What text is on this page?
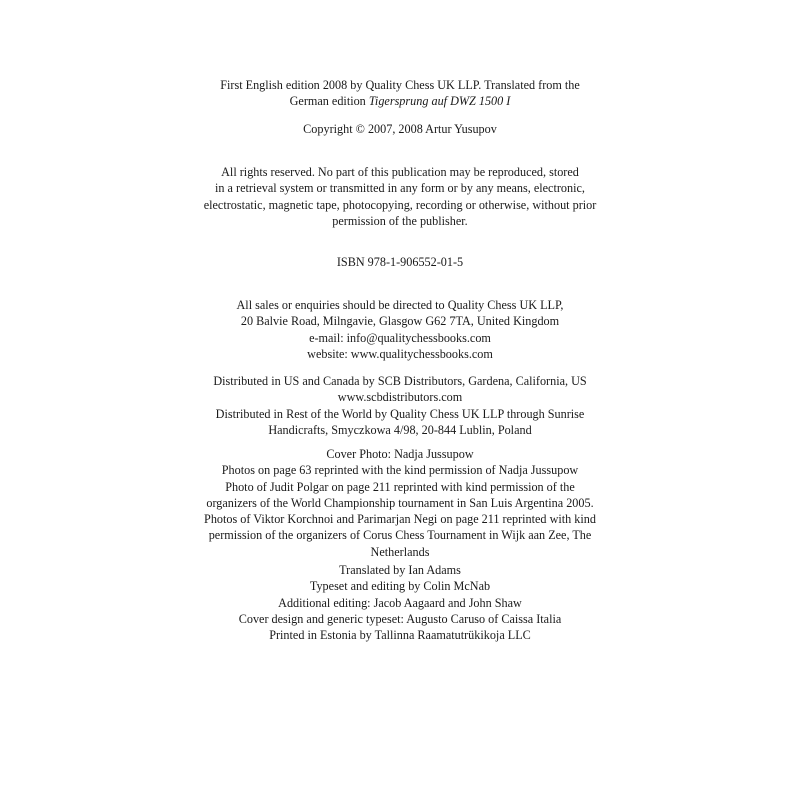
First English edition 2008 by Quality Chess UK LLP. Translated from the
German edition Tigersprung auf DWZ 1500 I
Copyright © 2007, 2008 Artur Yusupov
All rights reserved. No part of this publication may be reproduced, stored
in a retrieval system or transmitted in any form or by any means, electronic,
electrostatic, magnetic tape, photocopying, recording or otherwise, without prior
permission of the publisher.
ISBN 978-1-906552-01-5
All sales or enquiries should be directed to Quality Chess UK LLP,
20 Balvie Road, Milngavie, Glasgow G62 7TA, United Kingdom
e-mail: info@qualitychessbooks.com
website: www.qualitychessbooks.com
Distributed in US and Canada by SCB Distributors, Gardena, California, US
www.scbdistributors.com
Distributed in Rest of the World by Quality Chess UK LLP through Sunrise
Handicrafts, Smyczkowa 4/98, 20-844 Lublin, Poland
Cover Photo: Nadja Jussupow
Photos on page 63 reprinted with the kind permission of Nadja Jussupow
Photo of Judit Polgar on page 211 reprinted with kind permission of the
organizers of the World Championship tournament in San Luis Argentina 2005.
Photos of Viktor Korchnoi and Parimarjan Negi on page 211 reprinted with kind
permission of the organizers of Corus Chess Tournament in Wijk aan Zee, The
Netherlands
Translated by Ian Adams
Typeset and editing by Colin McNab
Additional editing: Jacob Aagaard and John Shaw
Cover design and generic typeset: Augusto Caruso of Caissa Italia
Printed in Estonia by Tallinna Raamatutrükikoja LLC
